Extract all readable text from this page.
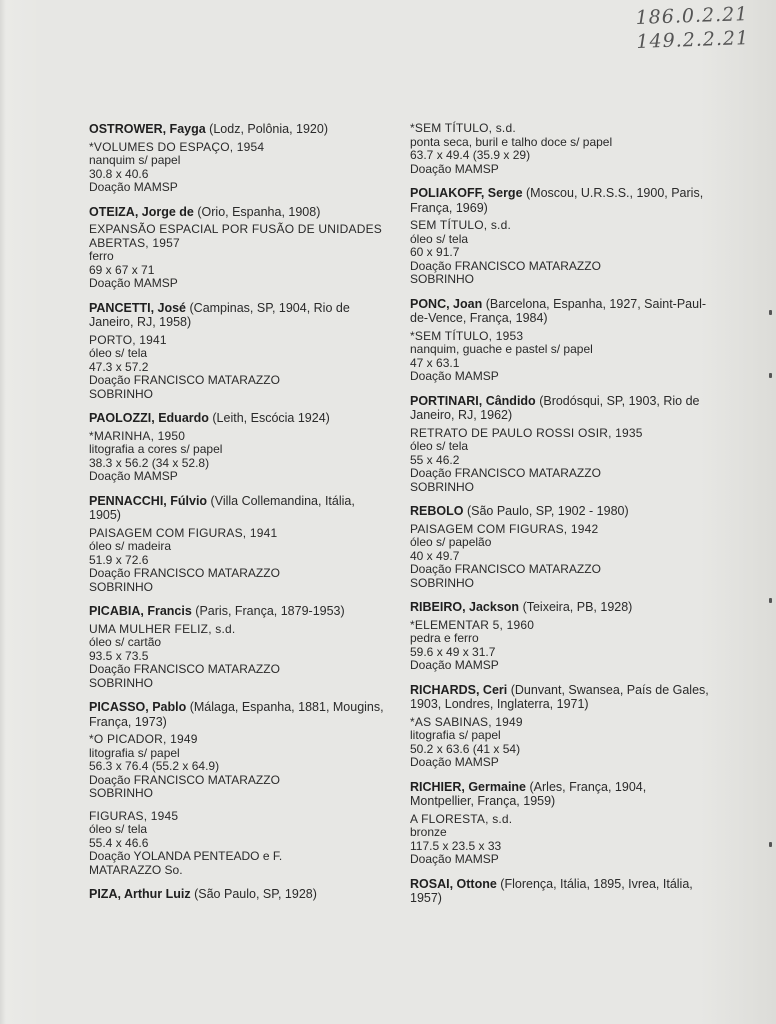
186.0.2.21
149.2.2.21
OSTROWER, Fayga (Lodz, Polônia, 1920)
*VOLUMES DO ESPAÇO, 1954
nanquim s/ papel
30.8 x 40.6
Doação MAMSP
OTEIZA, Jorge de (Orio, Espanha, 1908)
EXPANSÃO ESPACIAL POR FUSÃO DE UNIDADES ABERTAS, 1957
ferro
69 x 67 x 71
Doação MAMSP
PANCETTI, José (Campinas, SP, 1904, Rio de Janeiro, RJ, 1958)
PORTO, 1941
óleo s/ tela
47.3 x 57.2
Doação FRANCISCO MATARAZZO
SOBRINHO
PAOLOZZI, Eduardo (Leith, Escócia 1924)
*MARINHA, 1950
litografia a cores s/ papel
38.3 x 56.2 (34 x 52.8)
Doação MAMSP
PENNACCHI, Fúlvio (Villa Collemandina, Itália, 1905)
PAISAGEM COM FIGURAS, 1941
óleo s/ madeira
51.9 x 72.6
Doação FRANCISCO MATARAZZO
SOBRINHO
PICABIA, Francis (Paris, França, 1879-1953)
UMA MULHER FELIZ, s.d.
óleo s/ cartão
93.5 x 73.5
Doação FRANCISCO MATARAZZO
SOBRINHO
PICASSO, Pablo (Málaga, Espanha, 1881, Mougins, França, 1973)
*O PICADOR, 1949
litografia s/ papel
56.3 x 76.4 (55.2 x 64.9)
Doação FRANCISCO MATARAZZO
SOBRINHO
FIGURAS, 1945
óleo s/ tela
55.4 x 46.6
Doação YOLANDA PENTEADO e F.
MATARAZZO So.
PIZA, Arthur Luiz (São Paulo, SP, 1928)
*SEM TÍTULO, s.d.
ponta seca, buril e talho doce s/ papel
63.7 x 49.4 (35.9 x 29)
Doação MAMSP
POLIAKOFF, Serge (Moscou, U.R.S.S., 1900, Paris, França, 1969)
SEM TÍTULO, s.d.
óleo s/ tela
60 x 91.7
Doação FRANCISCO MATARAZZO
SOBRINHO
PONC, Joan (Barcelona, Espanha, 1927, Saint-Paul-de-Vence, França, 1984)
*SEM TÍTULO, 1953
nanquim, guache e pastel s/ papel
47 x 63.1
Doação MAMSP
PORTINARI, Cândido (Brodósqui, SP, 1903, Rio de Janeiro, RJ, 1962)
RETRATO DE PAULO ROSSI OSIR, 1935
óleo s/ tela
55 x 46.2
Doação FRANCISCO MATARAZZO
SOBRINHO
REBOLO (São Paulo, SP, 1902 - 1980)
PAISAGEM COM FIGURAS, 1942
óleo s/ papelão
40 x 49.7
Doação FRANCISCO MATARAZZO
SOBRINHO
RIBEIRO, Jackson (Teixeira, PB, 1928)
*ELEMENTAR 5, 1960
pedra e ferro
59.6 x 49 x 31.7
Doação MAMSP
RICHARDS, Ceri (Dunvant, Swansea, País de Gales, 1903, Londres, Inglaterra, 1971)
*AS SABINAS, 1949
litografia s/ papel
50.2 x 63.6 (41 x 54)
Doação MAMSP
RICHIER, Germaine (Arles, França, 1904, Montpellier, França, 1959)
A FLORESTA, s.d.
bronze
117.5 x 23.5 x 33
Doação MAMSP
ROSAI, Ottone (Florença, Itália, 1895, Ivrea, Itália, 1957)
